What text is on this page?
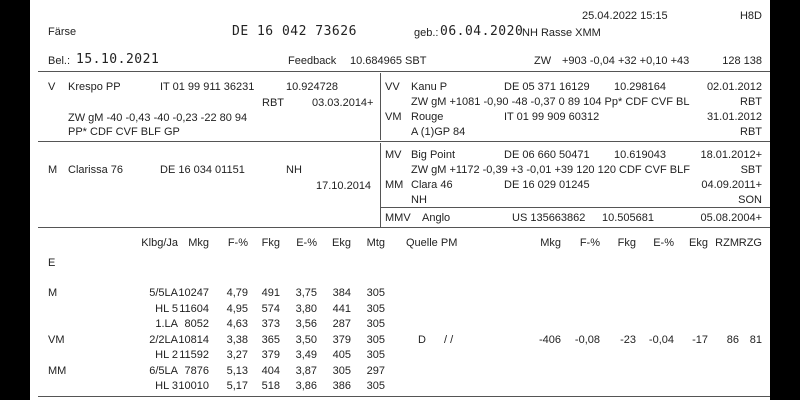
25.04.2022 15:15	H8D
Färse	DE 16 042 73626	geb.: 06.04.2020
NH Rasse XMM
Bel.: 15.10.2021	Feedback 10.684965 SBT	ZW +903 -0,04 +32 +0,10 +43	128 138
V Krespo PP	IT 01 99 911 36231	10.924728
RBT	03.03.2014+
ZW gM -40 -0,43 -40 -0,23 -22 80 94
PP* CDF CVF BLF GP
VV Kanu P	DE 05 371 16129 10.298164	02.01.2012
ZW gM +1081 -0,90 -48 -0,37 0 89 104 Pp* CDF CVF BL	RBT
VM Rouge	IT 01 99 909 60312	31.01.2012
A (1)GP 84	RBT
M Clarissa 76	DE 16 034 01151	NH
17.10.2014
MV Big Point	DE 06 660 50471 10.619043	18.01.2012+
ZW gM +1172 -0,39 +3 -0,01 +39 120 120 CDF CVF BLF	SBT
MM Clara 46	DE 16 029 01245	04.09.2011+
NH	SON
MMV Anglo	US 135663862 10.505681	05.08.2004+
Klbg/Ja Mkg F-% Fkg E-% Ekg Mtg Quelle PM	Mkg F-% Fkg E-% Ekg RZM RZG
E
M	5/5LA 10247 4,79 491 3,75 384 305
HL 5 11604 4,95 574 3,80 441 305
1.LA 8052 4,63 373 3,56 287 305
VM	2/2LA 10814 3,38 365 3,50 379 305	D / /	-406 -0,08 -23 -0,04 -17 86 81
HL 2 11592 3,27 379 3,49 405 305
MM	6/5LA 7876 5,13 404 3,87 305 297
HL 3 10010 5,17 518 3,86 386 305
